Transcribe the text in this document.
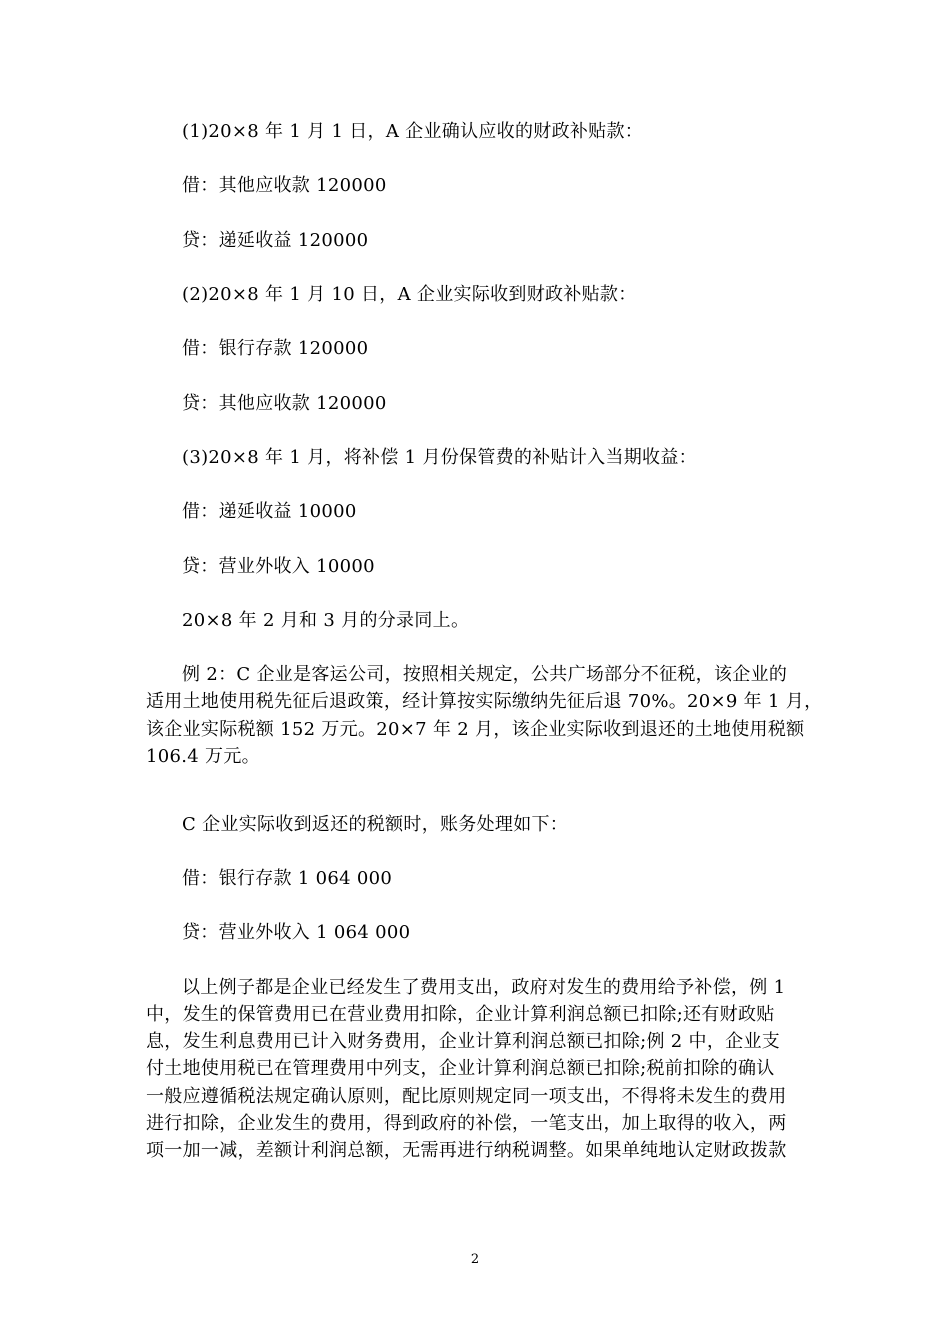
(1)20×8 年 1 月 1 日，A 企业确认应收的财政补贴款：

借：其他应收款 120000

贷：递延收益 120000

(2)20×8 年 1 月 10 日，A 企业实际收到财政补贴款：

借：银行存款 120000

贷：其他应收款 120000

(3)20×8 年 1 月，将补偿 1 月份保管费的补贴计入当期收益：

借：递延收益 10000

贷：营业外收入 10000

20×8 年 2 月和 3 月的分录同上。

例 2：C 企业是客运公司，按照相关规定，公共广场部分不征税，该企业的

适用土地使用税先征后退政策，经计算按实际缴纳先征后退 70%。20×9 年 1 月，

该企业实际税额 152 万元。20×7 年 2 月，该企业实际收到退还的土地使用税额

106.4 万元。

C 企业实际收到返还的税额时，账务处理如下：

借：银行存款 1 064 000

贷：营业外收入 1 064 000

以上例子都是企业已经发生了费用支出，政府对发生的费用给予补偿，例 1

中，发生的保管费用已在营业费用扣除，企业计算利润总额已扣除;还有财政贴

息，发生利息费用已计入财务费用，企业计算利润总额已扣除;例 2 中，企业支

付土地使用税已在管理费用中列支，企业计算利润总额已扣除;税前扣除的确认

一般应遵循税法规定确认原则，配比原则规定同一项支出，不得将未发生的费用

进行扣除，企业发生的费用，得到政府的补偿，一笔支出，加上取得的收入，两

项一加一减，差额计利润总额，无需再进行纳税调整。如果单纯地认定财政拨款

2
